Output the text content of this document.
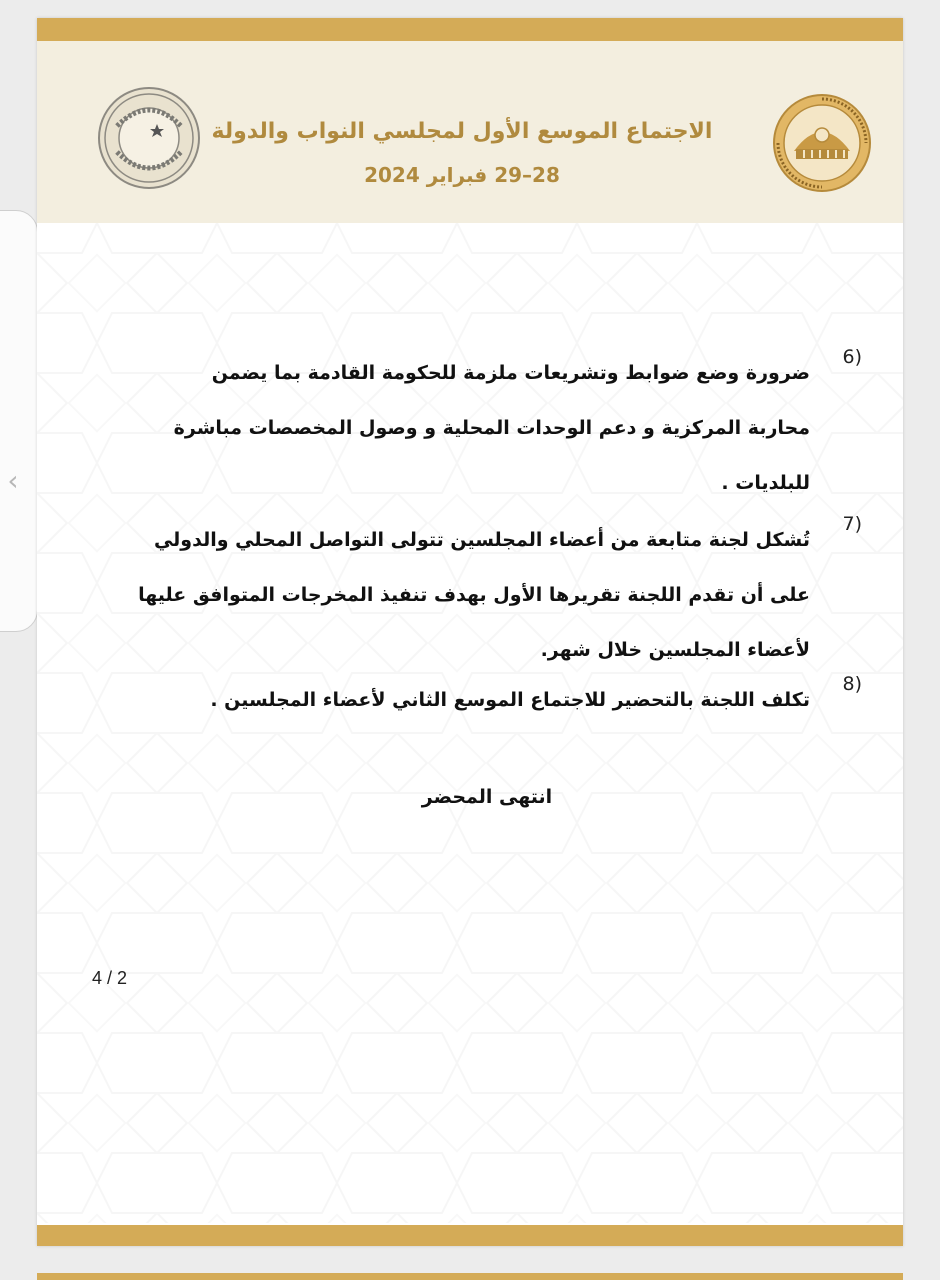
‹
الاجتماع الموسع الأول لمجلسي النواب والدولة
28–29 فبراير 2024
6)
ضرورة وضع ضوابط وتشريعات ملزمة للحكومة القادمة بما يضمن
محاربة المركزية و دعم الوحدات المحلية و وصول المخصصات مباشرة
للبلديات .
7)
تُشكل لجنة متابعة من أعضاء المجلسين تتولى التواصل المحلي والدولي
على أن تقدم اللجنة تقريرها الأول بهدف تنفيذ المخرجات المتوافق عليها
لأعضاء المجلسين خلال شهر.
8)
تكلف اللجنة بالتحضير للاجتماع الموسع الثاني لأعضاء المجلسين .
انتهى المحضر
4 / 2
